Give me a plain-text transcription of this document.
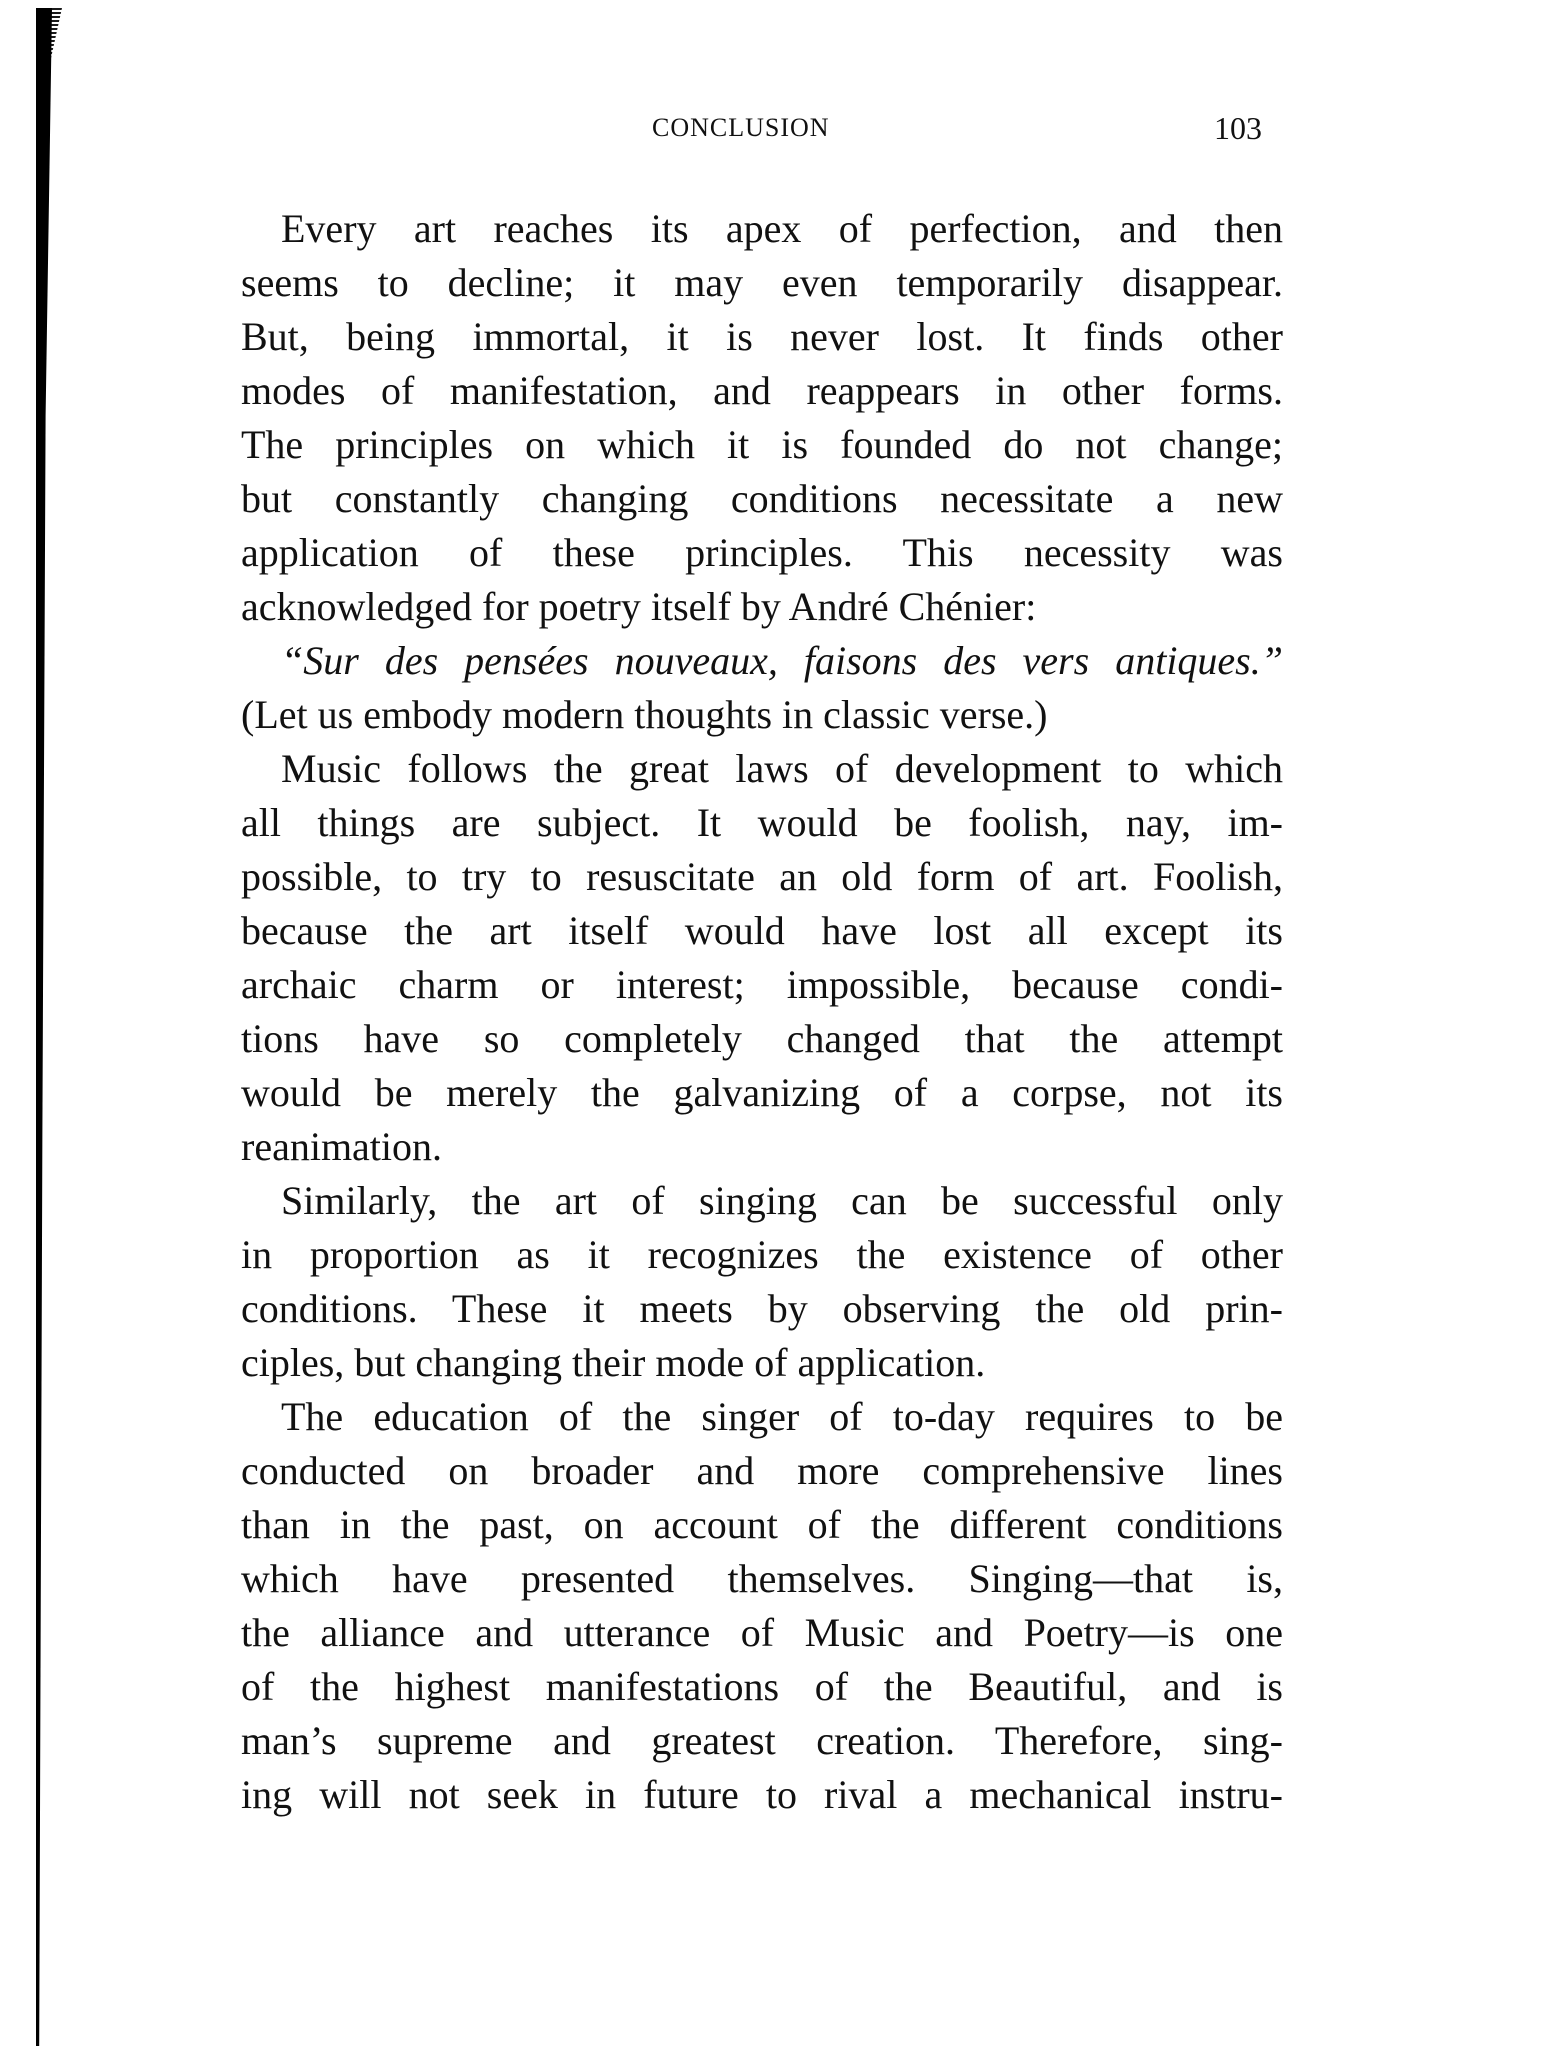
CONCLUSION	103
Every art reaches its apex of perfection, and then
seems to decline; it may even temporarily disappear.
But, being immortal, it is never lost. It finds other
modes of manifestation, and reappears in other forms.
The principles on which it is founded do not change;
but constantly changing conditions necessitate a new
application of these principles. This necessity was
acknowledged for poetry itself by André Chénier:
“Sur des pensées nouveaux, faisons des vers antiques.”
(Let us embody modern thoughts in classic verse.)
Music follows the great laws of development to which
all things are subject. It would be foolish, nay, im-
possible, to try to resuscitate an old form of art. Foolish,
because the art itself would have lost all except its
archaic charm or interest; impossible, because condi-
tions have so completely changed that the attempt
would be merely the galvanizing of a corpse, not its
reanimation.
Similarly, the art of singing can be successful only
in proportion as it recognizes the existence of other
conditions. These it meets by observing the old prin-
ciples, but changing their mode of application.
The education of the singer of to-day requires to be
conducted on broader and more comprehensive lines
than in the past, on account of the different conditions
which have presented themselves. Singing—that is,
the alliance and utterance of Music and Poetry—is one
of the highest manifestations of the Beautiful, and is
man’s supreme and greatest creation. Therefore, sing-
ing will not seek in future to rival a mechanical instru-
